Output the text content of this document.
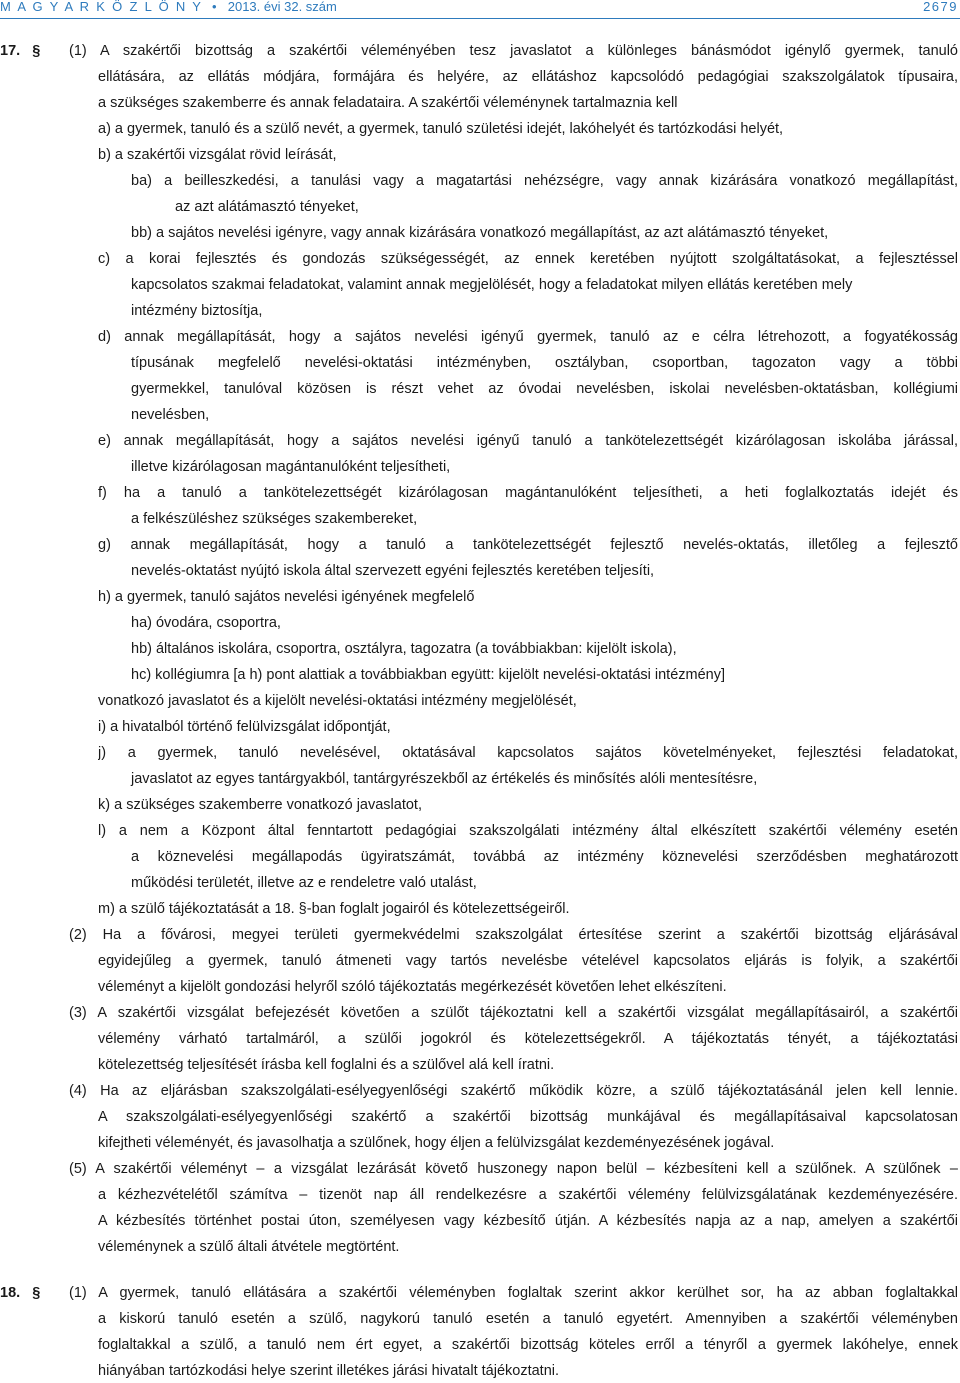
M A G Y A R K Ö Z L Ö N Y • 2013. évi 32. szám	2679
17. §
18. §
(1) A szakértői bizottság a szakértői véleményében tesz javaslatot a különleges bánásmódot igénylő gyermek, tanuló
ellátására, az ellátás módjára, formájára és helyére, az ellátáshoz kapcsolódó pedagógiai szakszolgálatok típusaira,
a szükséges szakemberre és annak feladataira. A szakértői véleménynek tartalmaznia kell
a) a gyermek, tanuló és a szülő nevét, a gyermek, tanuló születési idejét, lakóhelyét és tartózkodási helyét,
b) a szakértői vizsgálat rövid leírását,
ba) a beilleszkedési, a tanulási vagy a magatartási nehézségre, vagy annak kizárására vonatkozó megállapítást,
az azt alátámasztó tényeket,
bb) a sajátos nevelési igényre, vagy annak kizárására vonatkozó megállapítást, az azt alátámasztó tényeket,
c) a korai fejlesztés és gondozás szükségességét, az ennek keretében nyújtott szolgáltatásokat, a fejlesztéssel
kapcsolatos szakmai feladatokat, valamint annak megjelölését, hogy a feladatokat milyen ellátás keretében mely
intézmény biztosítja,
d) annak megállapítását, hogy a sajátos nevelési igényű gyermek, tanuló az e célra létrehozott, a fogyatékosság
típusának megfelelő nevelési-oktatási intézményben, osztályban, csoportban, tagozaton vagy a többi
gyermekkel, tanulóval közösen is részt vehet az óvodai nevelésben, iskolai nevelésben-oktatásban, kollégiumi
nevelésben,
e) annak megállapítását, hogy a sajátos nevelési igényű tanuló a tankötelezettségét kizárólagosan iskolába járással,
illetve kizárólagosan magántanulóként teljesítheti,
f) ha a tanuló a tankötelezettségét kizárólagosan magántanulóként teljesítheti, a heti foglalkoztatás idejét és
a felkészüléshez szükséges szakembereket,
g) annak megállapítását, hogy a tanuló a tankötelezettségét fejlesztő nevelés-oktatás, illetőleg a fejlesztő
nevelés-oktatást nyújtó iskola által szervezett egyéni fejlesztés keretében teljesíti,
h) a gyermek, tanuló sajátos nevelési igényének megfelelő
ha) óvodára, csoportra,
hb) általános iskolára, csoportra, osztályra, tagozatra (a továbbiakban: kijelölt iskola),
hc) kollégiumra [a h) pont alattiak a továbbiakban együtt: kijelölt nevelési-oktatási intézmény]
vonatkozó javaslatot és a kijelölt nevelési-oktatási intézmény megjelölését,
i) a hivatalból történő felülvizsgálat időpontját,
j) a gyermek, tanuló nevelésével, oktatásával kapcsolatos sajátos követelményeket, fejlesztési feladatokat,
javaslatot az egyes tantárgyakból, tantárgyrészekből az értékelés és minősítés alóli mentesítésre,
k) a szükséges szakemberre vonatkozó javaslatot,
l) a nem a Központ által fenntartott pedagógiai szakszolgálati intézmény által elkészített szakértői vélemény esetén
a köznevelési megállapodás ügyiratszámát, továbbá az intézmény köznevelési szerződésben meghatározott
működési területét, illetve az e rendeletre való utalást,
m) a szülő tájékoztatását a 18. §-ban foglalt jogairól és kötelezettségeiről.
(2) Ha a fővárosi, megyei területi gyermekvédelmi szakszolgálat értesítése szerint a szakértői bizottság eljárásával
egyidejűleg a gyermek, tanuló átmeneti vagy tartós nevelésbe vételével kapcsolatos eljárás is folyik, a szakértői
véleményt a kijelölt gondozási helyről szóló tájékoztatás megérkezését követően lehet elkészíteni.
(3) A szakértői vizsgálat befejezését követően a szülőt tájékoztatni kell a szakértői vizsgálat megállapításairól, a szakértői
vélemény várható tartalmáról, a szülői jogokról és kötelezettségekről. A tájékoztatás tényét, a tájékoztatási
kötelezettség teljesítését írásba kell foglalni és a szülővel alá kell íratni.
(4) Ha az eljárásban szakszolgálati-esélyegyenlőségi szakértő működik közre, a szülő tájékoztatásánál jelen kell lennie.
A szakszolgálati-esélyegyenlőségi szakértő a szakértői bizottság munkájával és megállapításaival kapcsolatosan
kifejtheti véleményét, és javasolhatja a szülőnek, hogy éljen a felülvizsgálat kezdeményezésének jogával.
(5) A szakértői véleményt – a vizsgálat lezárását követő huszonegy napon belül – kézbesíteni kell a szülőnek. A szülőnek –
a kézhezvételétől számítva – tizenöt nap áll rendelkezésre a szakértői vélemény felülvizsgálatának kezdeményezésére.
A kézbesítés történhet postai úton, személyesen vagy kézbesítő útján. A kézbesítés napja az a nap, amelyen a szakértői
véleménynek a szülő általi átvétele megtörtént.
(1) A gyermek, tanuló ellátására a szakértői véleményben foglaltak szerint akkor kerülhet sor, ha az abban foglaltakkal
a kiskorú tanuló esetén a szülő, nagykorú tanuló esetén a tanuló egyetért. Amennyiben a szakértői véleményben
foglaltakkal a szülő, a tanuló nem ért egyet, a szakértői bizottság köteles erről a tényről a gyermek lakóhelye, ennek
hiányában tartózkodási helye szerint illetékes járási hivatalt tájékoztatni.
